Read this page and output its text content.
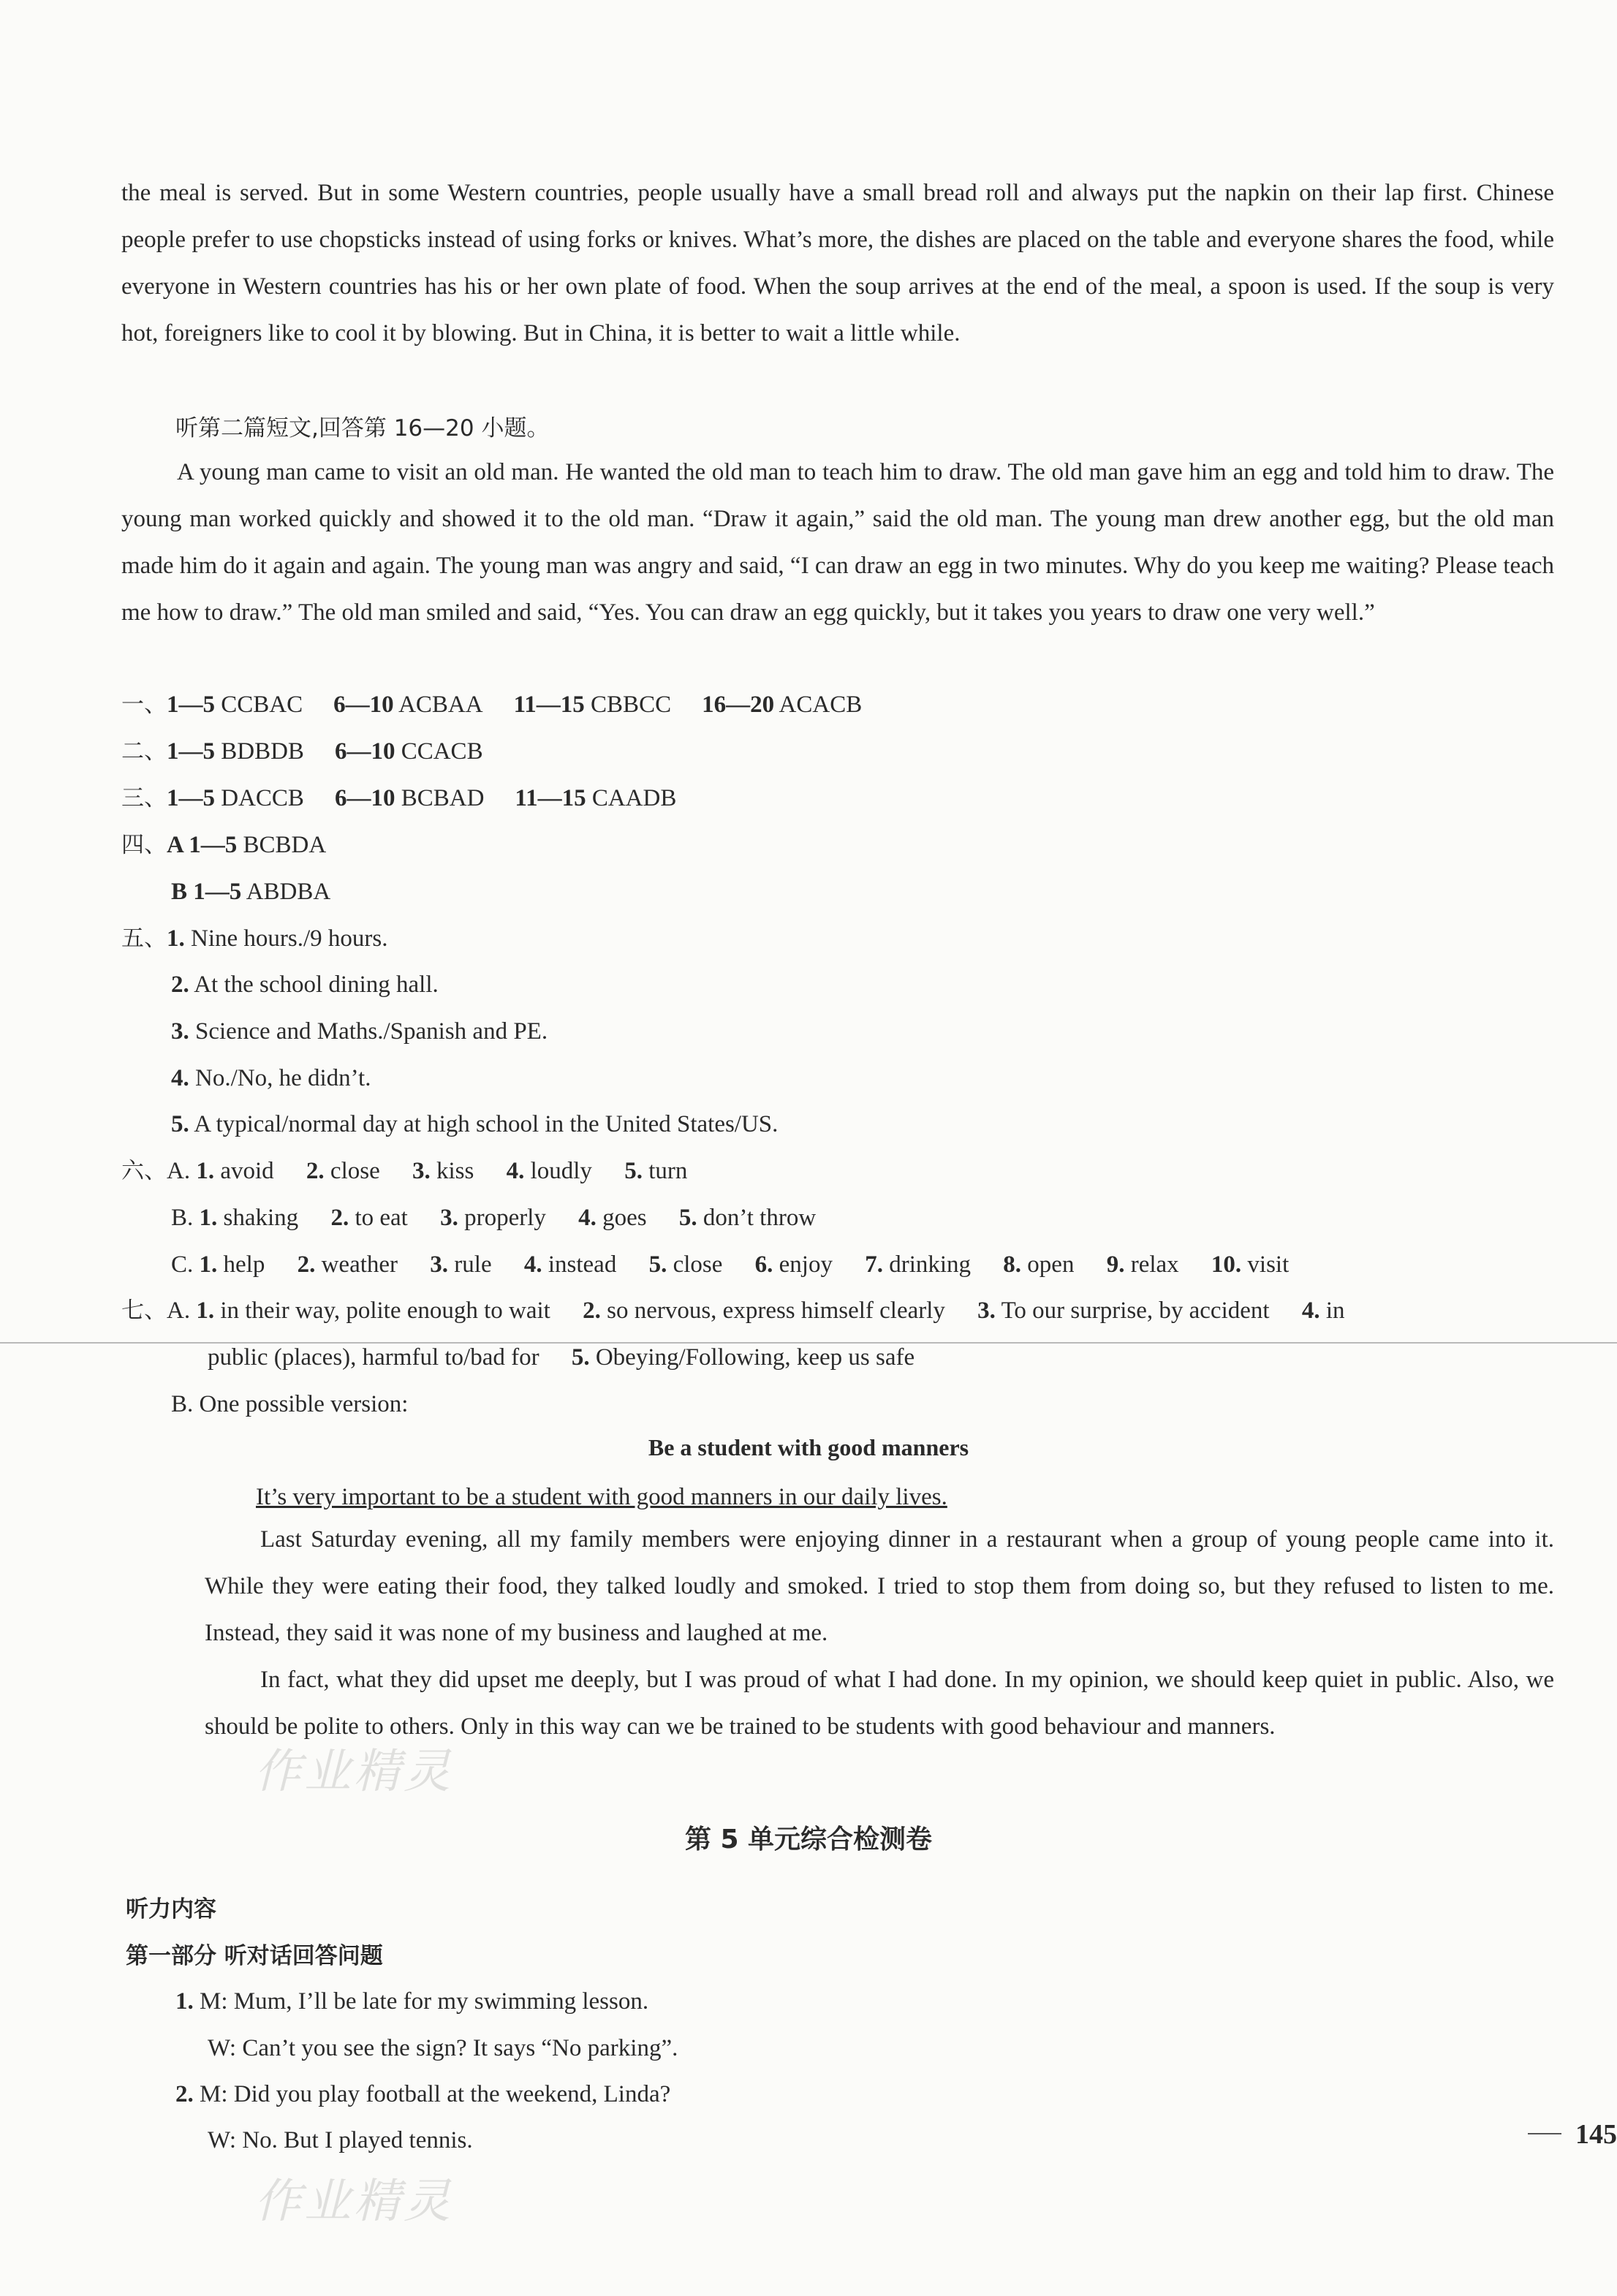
the meal is served. But in some Western countries, people usually have a small bread roll and always put the napkin on their lap first. Chinese people prefer to use chopsticks instead of using forks or knives. What’s more, the dishes are placed on the table and everyone shares the food, while everyone in Western countries has his or her own plate of food. When the soup arrives at the end of the meal, a spoon is used. If the soup is very hot, foreigners like to cool it by blowing. But in China, it is better to wait a little while.

听第二篇短文,回答第 16—20 小题。

A young man came to visit an old man. He wanted the old man to teach him to draw. The old man gave him an egg and told him to draw. The young man worked quickly and showed it to the old man. “Draw it again,” said the old man. The young man drew another egg, but the old man made him do it again and again. The young man was angry and said, “I can draw an egg in two minutes. Why do you keep me waiting? Please teach me how to draw.” The old man smiled and said, “Yes. You can draw an egg quickly, but it takes you years to draw one very well.”

一、1—5 CCBAC 6—10 ACBAA 11—15 CBBCC 16—20 ACACB
二、1—5 BDBDB 6—10 CCACB
三、1—5 DACCB 6—10 BCBAD 11—15 CAADB
四、A 1—5 BCBDA
B 1—5 ABDBA
五、1. Nine hours./9 hours.
2. At the school dining hall.
3. Science and Maths./Spanish and PE.
4. No./No, he didn’t.
5. A typical/normal day at high school in the United States/US.
六、A. 1. avoid 2. close 3. kiss 4. loudly 5. turn
B. 1. shaking 2. to eat 3. properly 4. goes 5. don’t throw
C. 1. help 2. weather 3. rule 4. instead 5. close 6. enjoy 7. drinking 8. open 9. relax 10. visit
七、A. 1. in their way, polite enough to wait 2. so nervous, express himself clearly 3. To our surprise, by accident 4. in
public (places), harmful to/bad for 5. Obeying/Following, keep us safe
B. One possible version:
Be a student with good manners
It’s very important to be a student with good manners in our daily lives.

Last Saturday evening, all my family members were enjoying dinner in a restaurant when a group of young people came into it. While they were eating their food, they talked loudly and smoked. I tried to stop them from doing so, but they refused to listen to me. Instead, they said it was none of my business and laughed at me.

In fact, what they did upset me deeply, but I was proud of what I had done. In my opinion, we should keep quiet in public. Also, we should be polite to others. Only in this way can we be trained to be students with good behaviour and manners.

第 5 单元综合检测卷
听力内容
第一部分 听对话回答问题
1. M: Mum, I’ll be late for my swimming lesson.
W: Can’t you see the sign? It says “No parking”.
2. M: Did you play football at the weekend, Linda?
W: No. But I played tennis.
作业精灵
作业精灵
145
